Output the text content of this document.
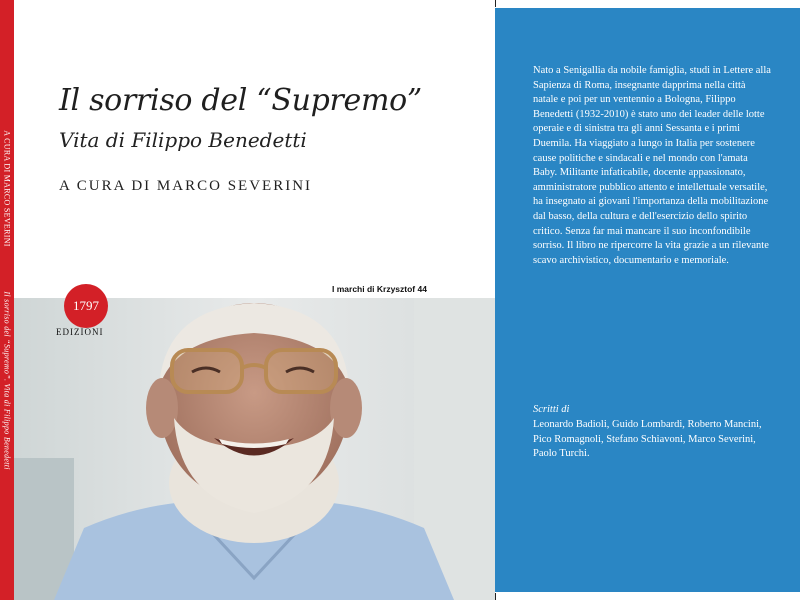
A CURA DI MARCO SEVERINI  Il sorriso del “Supremo”. Vita di Filippo Benedetti
Il sorriso del “Supremo”
Vita di Filippo Benedetti
A CURA DI MARCO SEVERINI
I marchi di Krzysztof 44
1797
EDIZIONI
Nato a Senigallia da nobile famiglia, studi in Lettere alla Sapienza di Roma, insegnante dapprima nella città natale e poi per un ventennio a Bologna, Filippo Benedetti (1932-2010) è stato uno dei leader delle lotte operaie e di sinistra tra gli anni Sessanta e i primi Duemila. Ha viaggiato a lungo in Italia per sostenere cause politiche e sindacali e nel mondo con l'amata Baby. Militante infaticabile, docente appassionato, amministratore pubblico attento e intellettuale versatile, ha insegnato ai giovani l'importanza della mobilitazione dal basso, della cultura e dell'esercizio dello spirito critico. Senza far mai mancare il suo inconfondibile sorriso. Il libro ne ripercorre la vita grazie a un rilevante scavo archivistico, documentario e memoriale.
Scritti di
Leonardo Badioli, Guido Lombardi, Roberto Mancini, Pico Romagnoli, Stefano Schiavoni, Marco Severini, Paolo Turchi.
